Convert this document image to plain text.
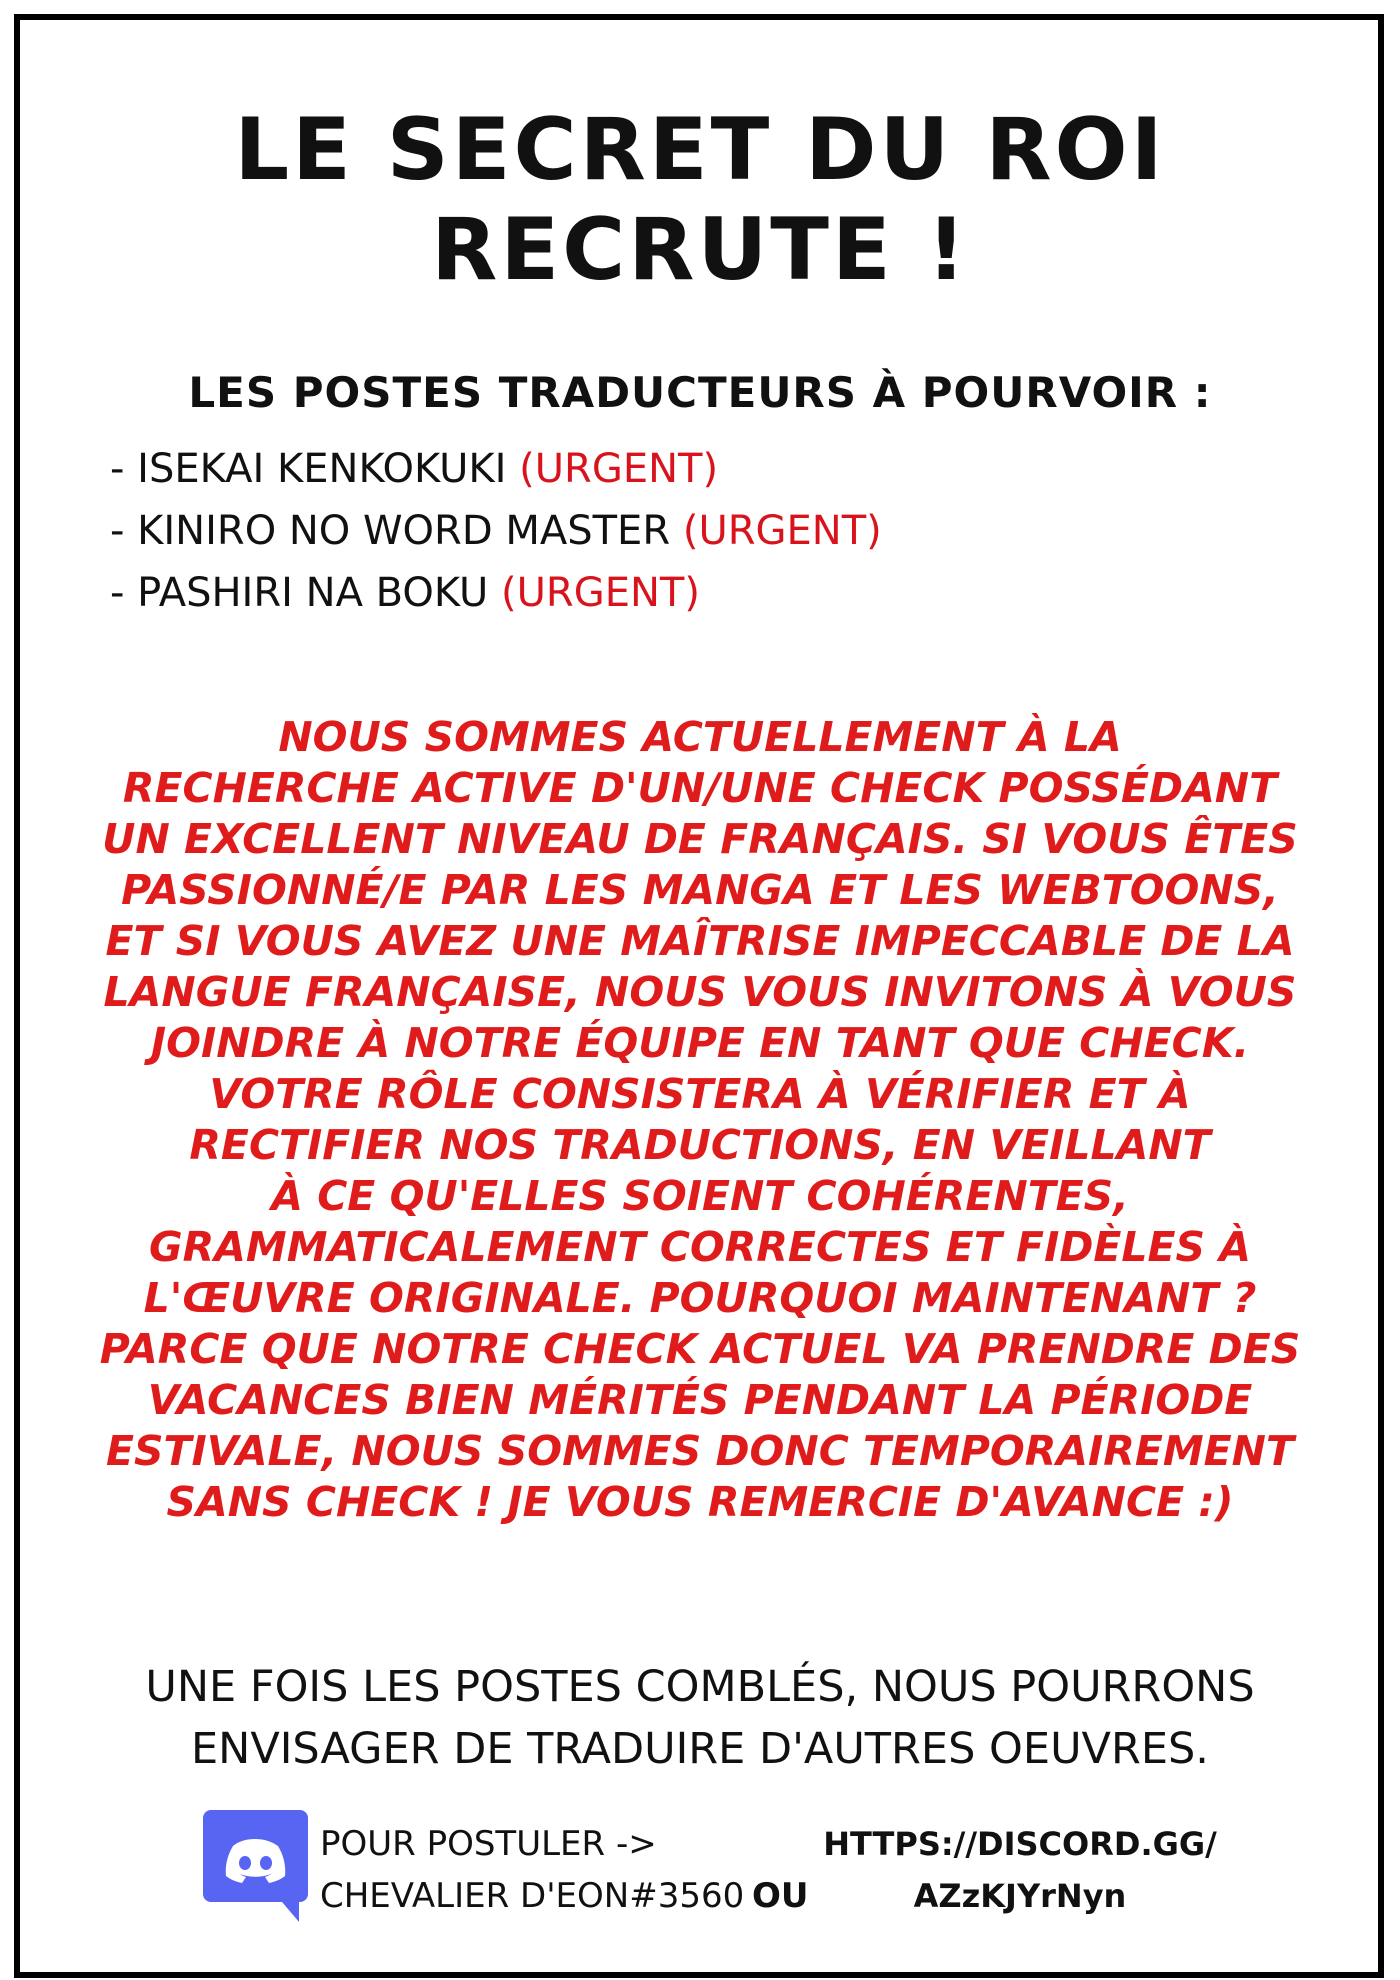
LE SECRET DU ROI RECRUTE !
LES POSTES TRADUCTEURS À POURVOIR :
- ISEKAI KENKOKUKI (URGENT)
- KINIRO NO WORD MASTER (URGENT)
- PASHIRI NA BOKU (URGENT)
NOUS SOMMES ACTUELLEMENT À LA
RECHERCHE ACTIVE D'UN/UNE CHECK POSSÉDANT
UN EXCELLENT NIVEAU DE FRANÇAIS. SI VOUS ÊTES
PASSIONNÉ/E PAR LES MANGA ET LES WEBTOONS,
ET SI VOUS AVEZ UNE MAÎTRISE IMPECCABLE DE LA
LANGUE FRANÇAISE, NOUS VOUS INVITONS À VOUS
JOINDRE À NOTRE ÉQUIPE EN TANT QUE CHECK.
VOTRE RÔLE CONSISTERA À VÉRIFIER ET À
RECTIFIER NOS TRADUCTIONS, EN VEILLANT
À CE QU'ELLES SOIENT COHÉRENTES,
GRAMMATICALEMENT CORRECTES ET FIDÈLES À
L'ŒUVRE ORIGINALE. POURQUOI MAINTENANT ?
PARCE QUE NOTRE CHECK ACTUEL VA PRENDRE DES
VACANCES BIEN MÉRITÉS PENDANT LA PÉRIODE
ESTIVALE, NOUS SOMMES DONC TEMPORAIREMENT
SANS CHECK ! JE VOUS REMERCIE D'AVANCE :)
UNE FOIS LES POSTES COMBLÉS, NOUS POURRONS
ENVISAGER DE TRADUIRE D'AUTRES OEUVRES.
POUR POSTULER ->
CHEVALIER D'EON#3560 OU
HTTPS://DISCORD.GG/
AZzKJYrNyn
